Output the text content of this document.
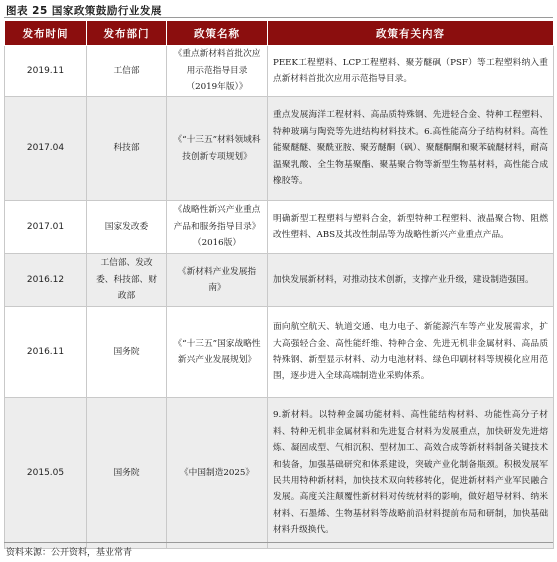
图表 25 国家政策鼓励行业发展
发布时间	发布部门	政策名称	政策有关内容
2019.11	工信部	《重点新材料首批次应用示范指导目录（2019年版）》	PEEK工程塑料、LCP工程塑料、聚芳醚砜（PSF）等工程塑料纳入重点新材料首批次应用示范指导目录。
2017.04	科技部	《“十三五”材料领域科技创新专项规划》	重点发展海洋工程材料、高品质特殊钢、先进轻合金、特种工程塑料、特种玻璃与陶瓷等先进结构材料技术。6.高性能高分子结构材料。高性能聚醚醚、聚酰亚胺、聚芳醚酮（砜）、聚醚酮酮和聚苯硫醚材料，耐高温聚乳酸、全生物基聚酯、聚基聚合物等新型生物基材料，高性能合成橡胶等。
2017.01	国家发改委	《战略性新兴产业重点产品和服务指导目录》（2016版）	明确新型工程塑料与塑料合金，新型特种工程塑料、液晶聚合物、阻燃改性塑料、ABS及其改性制品等为战略性新兴产业重点产品。
2016.12	工信部、发改委、科技部、财政部	《新材料产业发展指南》	加快发展新材料，对推动技术创新，支撑产业升级，建设制造强国。
2016.11	国务院	《“十三五”国家战略性新兴产业发展规划》	面向航空航天、轨道交通、电力电子、新能源汽车等产业发展需求，扩大高强轻合金、高性能纤维、特种合金、先进无机非金属材料、高品质特殊钢、新型显示材料、动力电池材料、绿色印刷材料等规模化应用范围，逐步进入全球高端制造业采购体系。
2015.05	国务院	《中国制造2025》	9.新材料。以特种金属功能材料、高性能结构材料、功能性高分子材料、特种无机非金属材料和先进复合材料为发展重点，加快研发先进熔炼、凝固成型、气相沉积、型材加工、高效合成等新材料制备关键技术和装备，加强基础研究和体系建设，突破产业化制备瓶颈。积极发展军民共用特种新材料，加快技术双向转移转化，促进新材料产业军民融合发展。高度关注颠覆性新材料对传统材料的影响，做好超导材料、纳米材料、石墨烯、生物基材料等战略前沿材料提前布局和研制，加快基础材料升级换代。
资料来源：公开资料，基业常青
